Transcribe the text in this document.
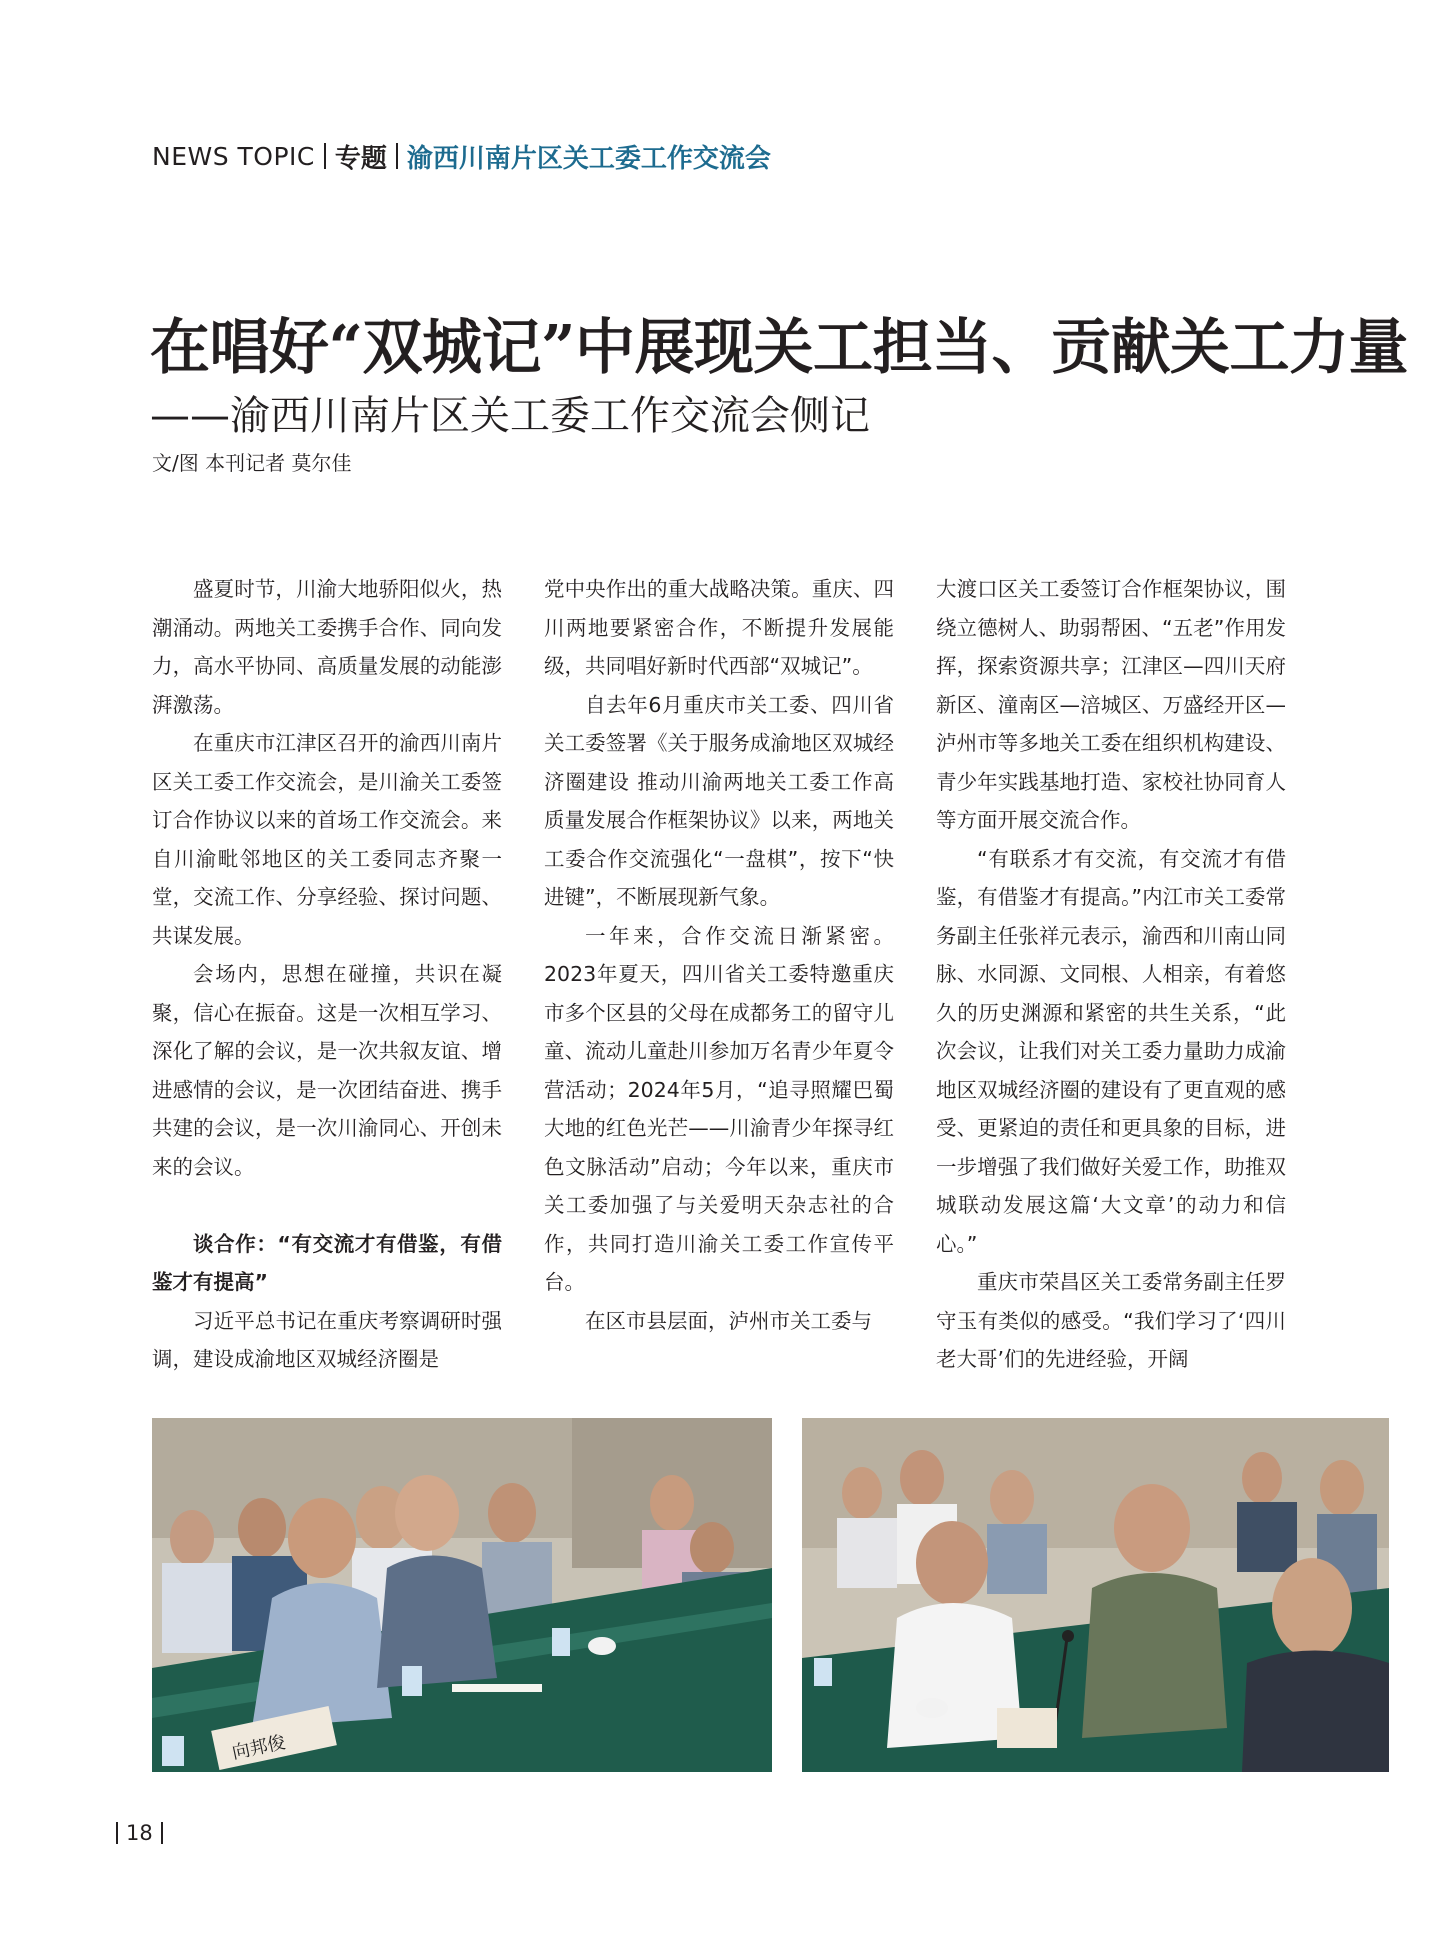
NEWS TOPIC 专题 渝西川南片区关工委工作交流会
在唱好“双城记”中展现关工担当、贡献关工力量
——渝西川南片区关工委工作交流会侧记
文/图 本刊记者 莫尔佳

盛夏时节，川渝大地骄阳似火，热潮涌动。两地关工委携手合作、同向发力，高水平协同、高质量发展的动能澎湃激荡。

在重庆市江津区召开的渝西川南片区关工委工作交流会，是川渝关工委签订合作协议以来的首场工作交流会。来自川渝毗邻地区的关工委同志齐聚一堂，交流工作、分享经验、探讨问题、共谋发展。

会场内，思想在碰撞，共识在凝聚，信心在振奋。这是一次相互学习、深化了解的会议，是一次共叙友谊、增进感情的会议，是一次团结奋进、携手共建的会议，是一次川渝同心、开创未来的会议。

谈合作：“有交流才有借鉴，有借鉴才有提高”

习近平总书记在重庆考察调研时强调，建设成渝地区双城经济圈是

党中央作出的重大战略决策。重庆、四川两地要紧密合作，不断提升发展能级，共同唱好新时代西部“双城记”。

自去年6月重庆市关工委、四川省关工委签署《关于服务成渝地区双城经济圈建设 推动川渝两地关工委工作高质量发展合作框架协议》以来，两地关工委合作交流强化“一盘棋”，按下“快进键”，不断展现新气象。

一年来，合作交流日渐紧密。2023年夏天，四川省关工委特邀重庆市多个区县的父母在成都务工的留守儿童、流动儿童赴川参加万名青少年夏令营活动；2024年5月，“追寻照耀巴蜀大地的红色光芒——川渝青少年探寻红色文脉活动”启动；今年以来，重庆市关工委加强了与关爱明天杂志社的合作，共同打造川渝关工委工作宣传平台。

在区市县层面，泸州市关工委与

大渡口区关工委签订合作框架协议，围绕立德树人、助弱帮困、“五老”作用发挥，探索资源共享；江津区—四川天府新区、潼南区—涪城区、万盛经开区—泸州市等多地关工委在组织机构建设、青少年实践基地打造、家校社协同育人等方面开展交流合作。

“有联系才有交流，有交流才有借鉴，有借鉴才有提高。”内江市关工委常务副主任张祥元表示，渝西和川南山同脉、水同源、文同根、人相亲，有着悠久的历史渊源和紧密的共生关系，“此次会议，让我们对关工委力量助力成渝地区双城经济圈的建设有了更直观的感受、更紧迫的责任和更具象的目标，进一步增强了我们做好关爱工作，助推双城联动发展这篇‘大文章’的动力和信心。”

重庆市荣昌区关工委常务副主任罗守玉有类似的感受。“我们学习了‘四川老大哥’们的先进经验，开阔

向邦俊
18
